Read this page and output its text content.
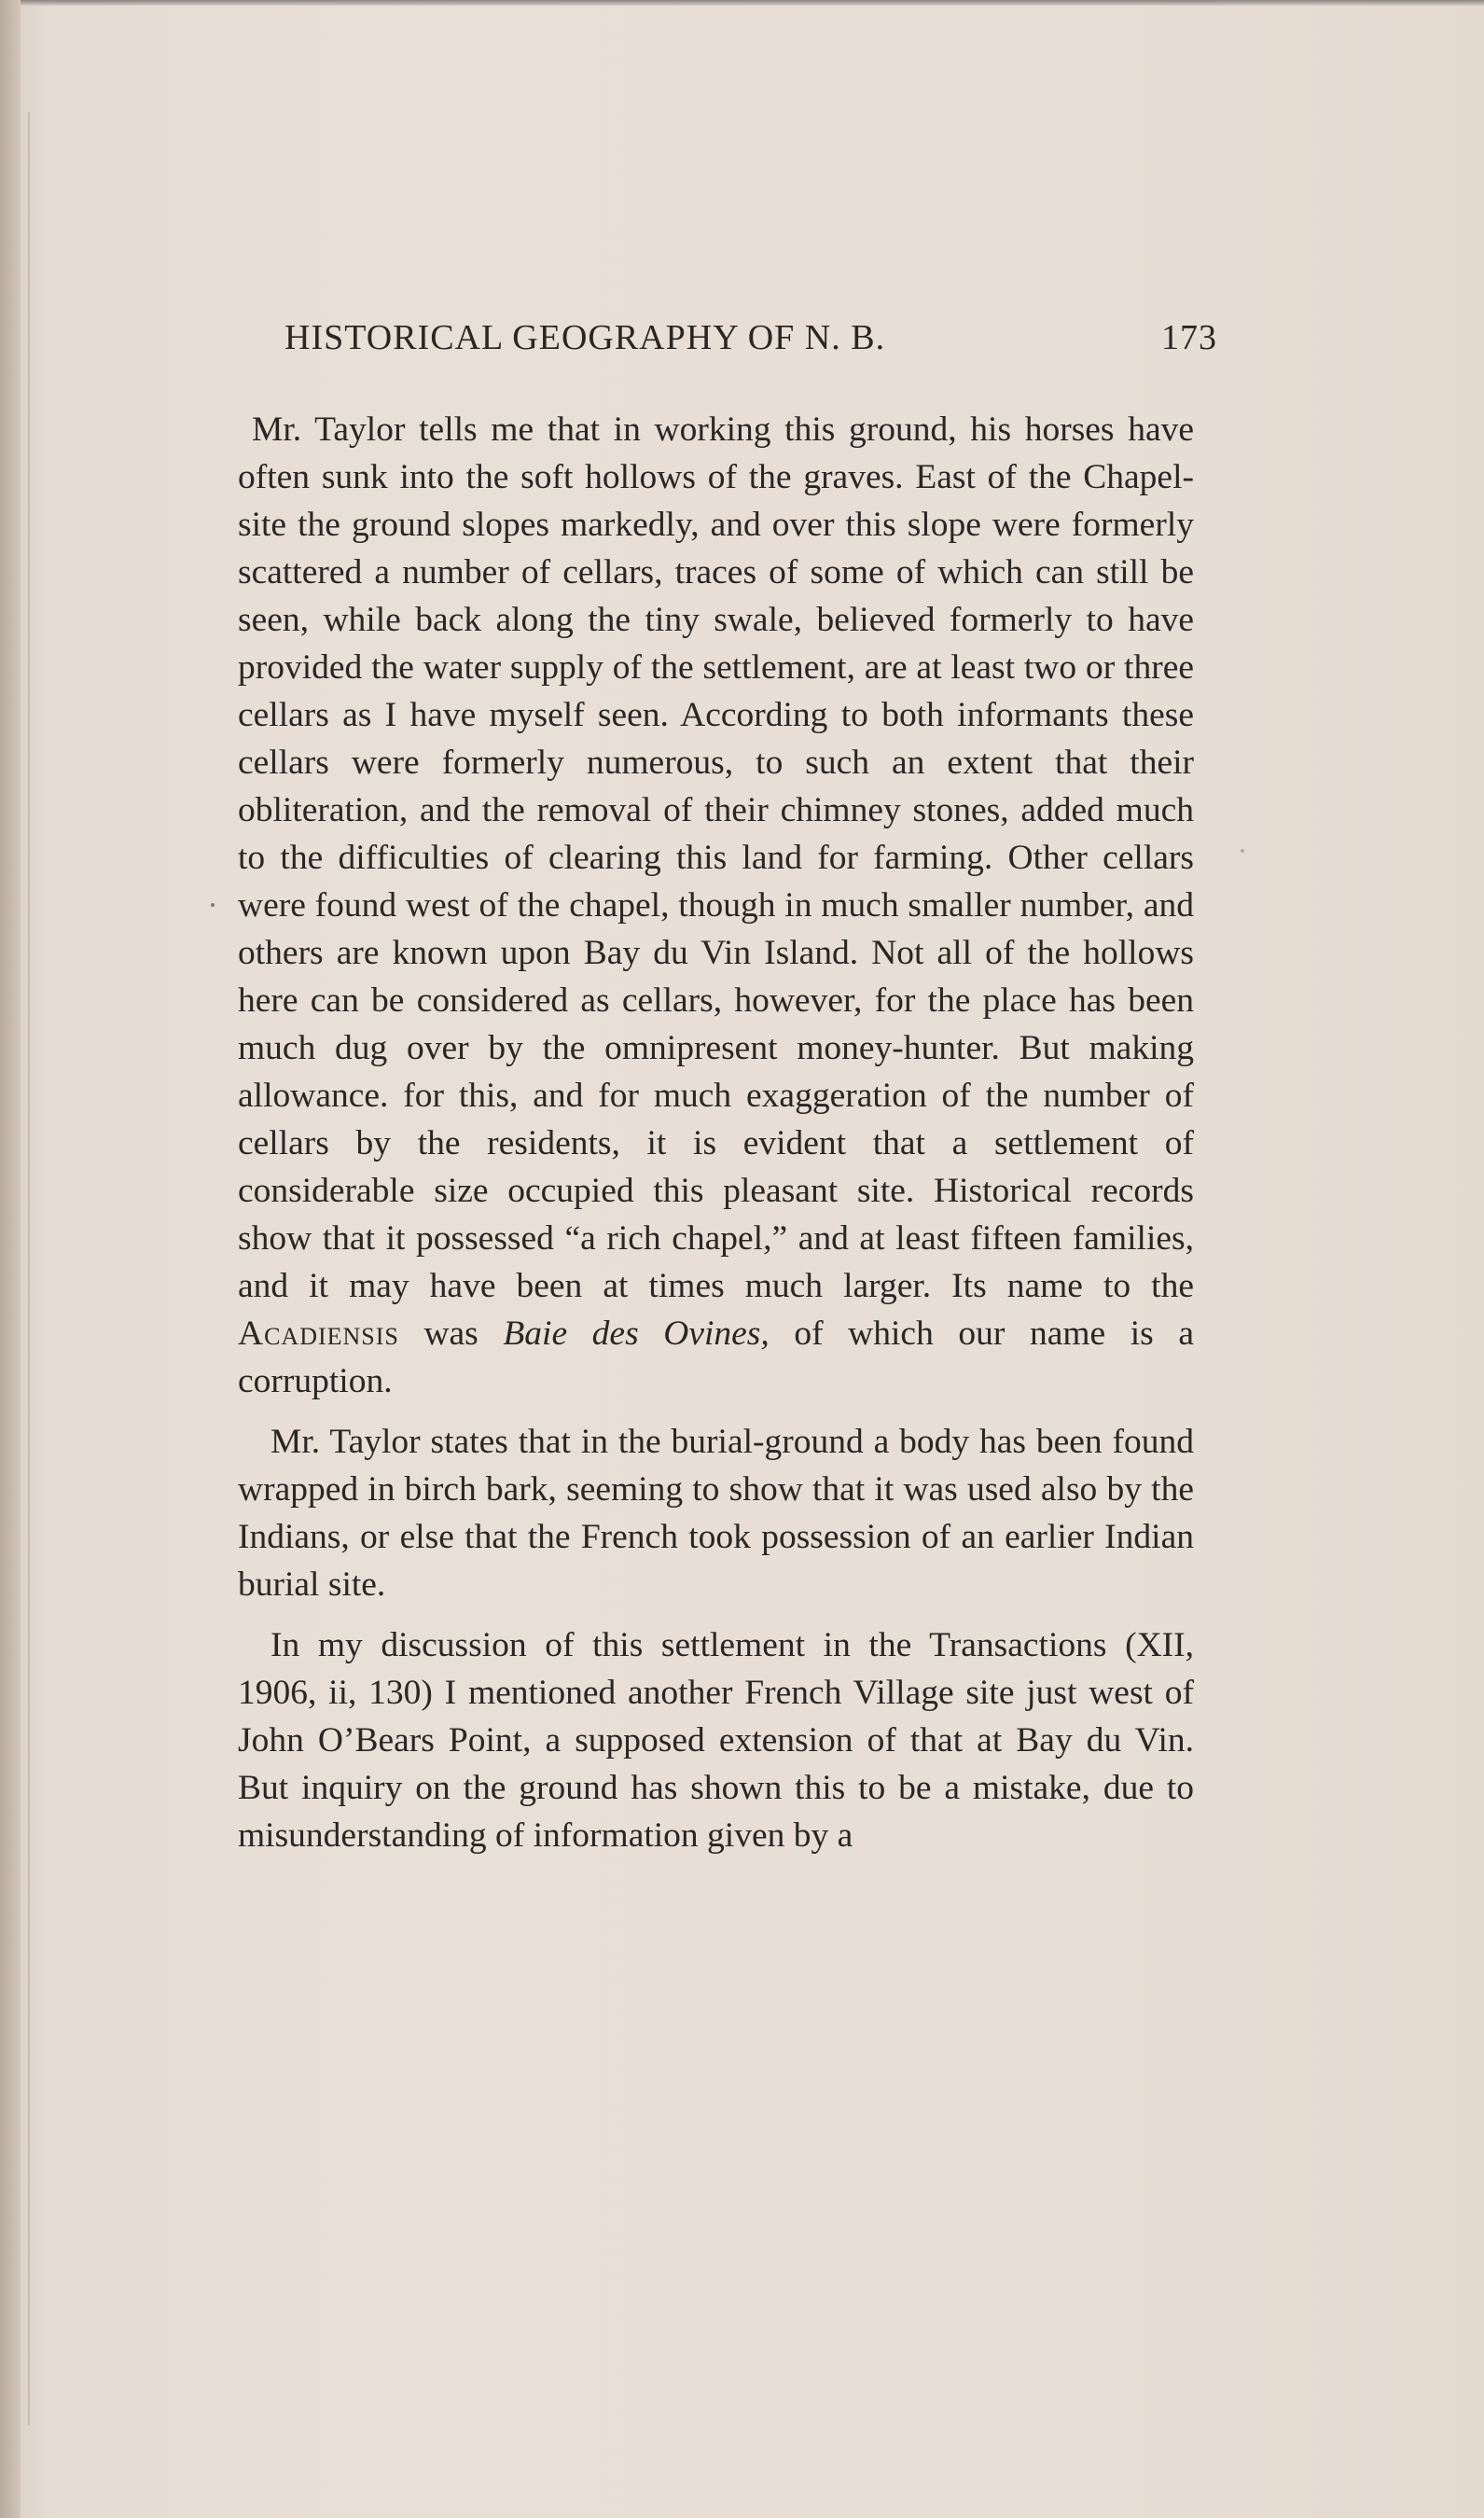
HISTORICAL GEOGRAPHY OF N. B.	173

Mr. Taylor tells me that in working this ground, his horses have often sunk into the soft hollows of the graves. East of the Chapel-site the ground slopes markedly, and over this slope were formerly scattered a number of cellars, traces of some of which can still be seen, while back along the tiny swale, believed formerly to have provided the water supply of the settlement, are at least two or three cellars as I have myself seen. According to both informants these cellars were formerly numerous, to such an extent that their obliteration, and the removal of their chimney stones, added much to the difficulties of clearing this land for farming. Other cellars were found west of the chapel, though in much smaller number, and others are known upon Bay du Vin Island. Not all of the hollows here can be considered as cellars, however, for the place has been much dug over by the omnipresent money-hunter. But making allowance. for this, and for much exaggeration of the number of cellars by the residents, it is evident that a settlement of considerable size occupied this pleasant site. Historical records show that it possessed “a rich chapel,” and at least fifteen families, and it may have been at times much larger. Its name to the Acadiensis was Baie des Ovines, of which our name is a corruption.

Mr. Taylor states that in the burial-ground a body has been found wrapped in birch bark, seeming to show that it was used also by the Indians, or else that the French took possession of an earlier Indian burial site.

In my discussion of this settlement in the Transactions (XII, 1906, ii, 130) I mentioned another French Village site just west of John O’Bears Point, a supposed extension of that at Bay du Vin. But inquiry on the ground has shown this to be a mistake, due to misunderstanding of information given by a
